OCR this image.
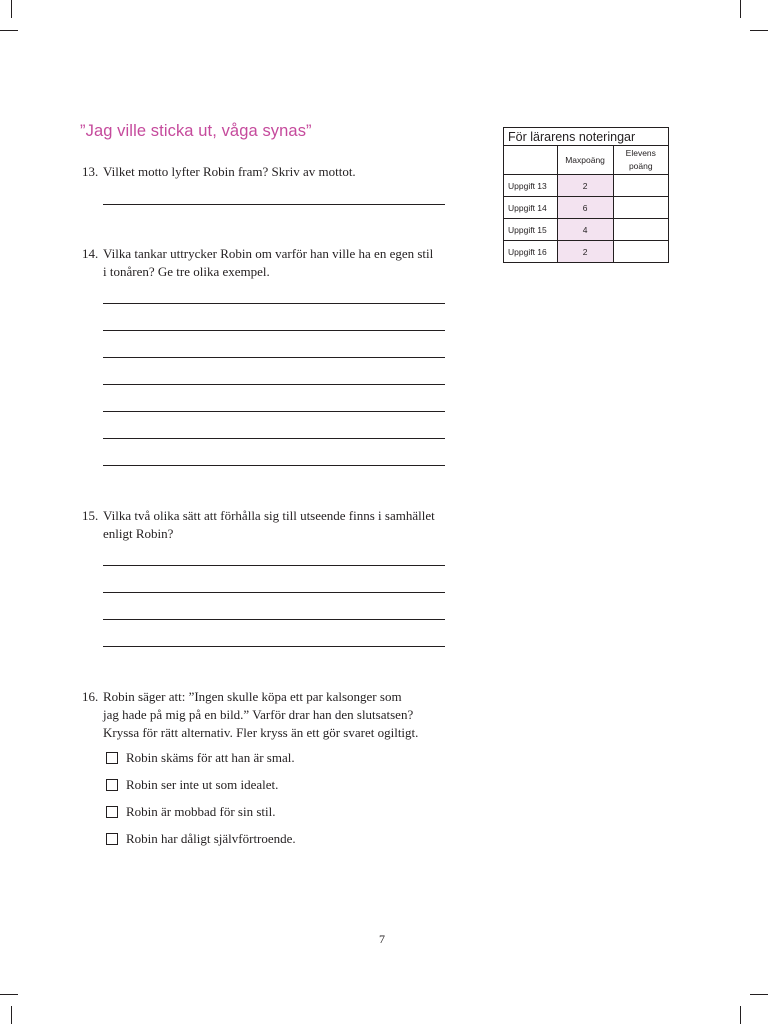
”Jag ville sticka ut, våga synas”
13. Vilket motto lyfter Robin fram? Skriv av mottot.
14. Vilka tankar uttrycker Robin om varför han ville ha en egen stil
i tonåren? Ge tre olika exempel.
15. Vilka två olika sätt att förhålla sig till utseende finns i samhället
enligt Robin?
16. Robin säger att: ”Ingen skulle köpa ett par kalsonger som
jag hade på mig på en bild.” Varför drar han den slutsatsen?
Kryssa för rätt alternativ. Fler kryss än ett gör svaret ogiltigt.
Robin skäms för att han är smal.
Robin ser inte ut som idealet.
Robin är mobbad för sin stil.
Robin har dåligt självförtroende.
För lärarens noteringar		
	Maxpoäng	Elevens
poäng

Uppgift 13	2	
Uppgift 14	6	
Uppgift 15	4	
Uppgift 16	2	
7
